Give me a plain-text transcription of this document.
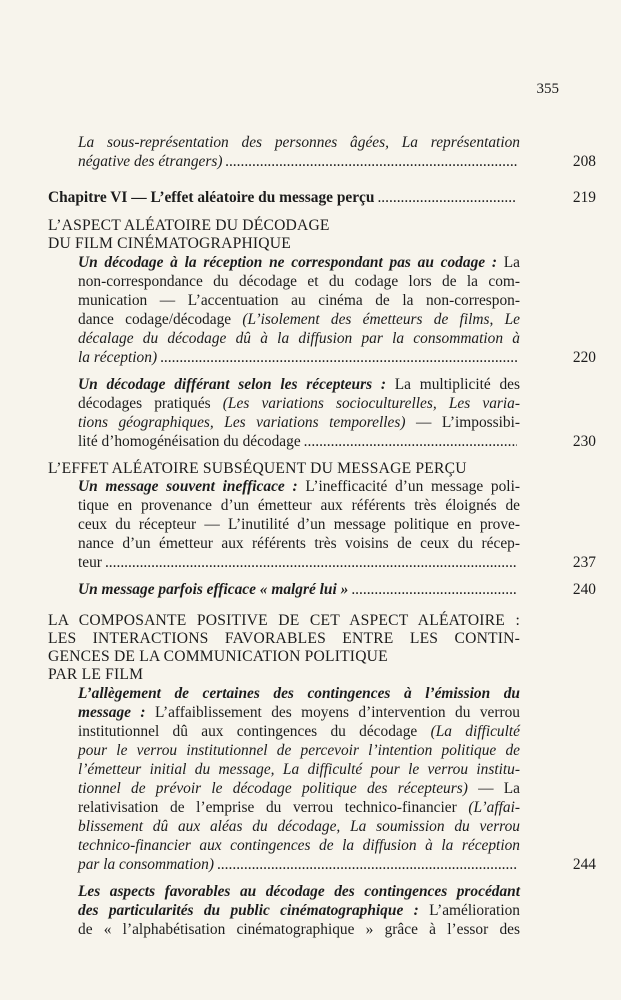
355
La sous-représentation des personnes âgées, La représentation
négative des étrangers) .....	208
Chapitre VI — L’effet aléatoire du message perçu .....	219
L’ASPECT ALÉATOIRE DU DÉCODAGE
DU FILM CINÉMATOGRAPHIQUE
Un décodage à la réception ne correspondant pas au codage : La
non-correspondance du décodage et du codage lors de la com-
munication — L’accentuation au cinéma de la non-correspon-
dance codage/décodage (L’isolement des émetteurs de films, Le
décalage du décodage dû à la diffusion par la consommation à
la réception) .....	220
Un décodage différant selon les récepteurs : La multiplicité des
décodages pratiqués (Les variations socioculturelles, Les varia-
tions géographiques, Les variations temporelles) — L’impossibi-
lité d’homogénéisation du décodage .....	230
L’EFFET ALÉATOIRE SUBSÉQUENT DU MESSAGE PERÇU
Un message souvent inefficace : L’inefficacité d’un message poli-
tique en provenance d’un émetteur aux référents très éloignés de
ceux du récepteur — L’inutilité d’un message politique en prove-
nance d’un émetteur aux référents très voisins de ceux du récep-
teur .....	237
Un message parfois efficace « malgré lui » .....	240
LA COMPOSANTE POSITIVE DE CET ASPECT ALÉATOIRE :
LES INTERACTIONS FAVORABLES ENTRE LES CONTIN-
GENCES DE LA COMMUNICATION POLITIQUE
PAR LE FILM
L’allègement de certaines des contingences à l’émission du
message : L’affaiblissement des moyens d’intervention du verrou
institutionnel dû aux contingences du décodage (La difficulté
pour le verrou institutionnel de percevoir l’intention politique de
l’émetteur initial du message, La difficulté pour le verrou institu-
tionnel de prévoir le décodage politique des récepteurs) — La
relativisation de l’emprise du verrou technico-financier (L’affai-
blissement dû aux aléas du décodage, La soumission du verrou
technico-financier aux contingences de la diffusion à la réception
par la consommation) .....	244
Les aspects favorables au décodage des contingences procédant
des particularités du public cinématographique : L’amélioration
de « l’alphabétisation cinématographique » grâce à l’essor des
